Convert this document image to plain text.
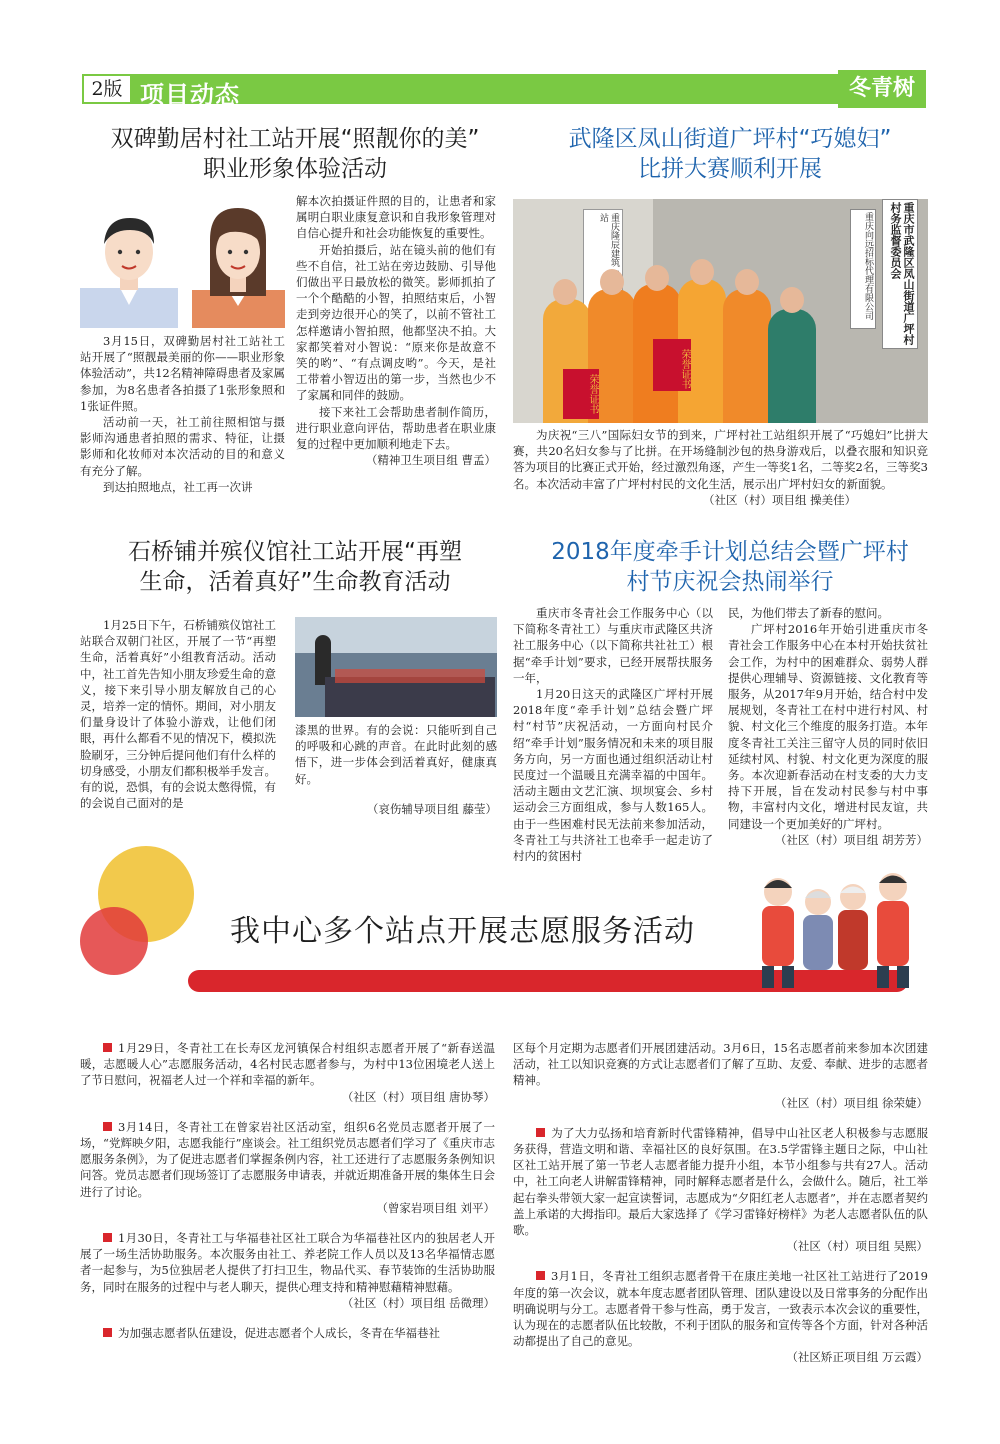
2版 项目动态	冬青树

双碑勤居村社工站开展“照靓你的美”

职业形象体验活动

3月15日，双碑勤居村社工站社工站开展了“照靓最美丽的你——职业形象体验活动”，共12名精神障碍患者及家属参加，为8名患者各拍摄了1张形象照和1张证件照。

活动前一天，社工前往照相馆与摄影师沟通患者拍照的需求、特征，让摄影师和化妆师对本次活动的目的和意义有充分了解。

到达拍照地点，社工再一次讲

解本次拍摄证件照的目的，让患者和家属明白职业康复意识和自我形象管理对自信心提升和社会功能恢复的重要性。

开始拍摄后，站在镜头前的他们有些不自信，社工站在旁边鼓励、引导他们做出平日最放松的微笑。影师抓拍了一个个酷酷的小智，拍照结束后，小智走到旁边很开心的笑了，以前不管社工怎样邀请小智拍照，他都坚决不拍。大家都笑着对小智说：“原来你是故意不笑的哟”、“有点调皮哟”。今天，是社工带着小智迈出的第一步，当然也少不了家属和同伴的鼓励。

接下来社工会帮助患者制作简历，进行职业意向评估，帮助患者在职业康复的过程中更加顺利地走下去。

（精神卫生项目组 曹孟）

武隆区凤山街道广坪村“巧媳妇”

比拼大赛顺利开展

重庆隆辰建筑 站	重庆市武隆区凤山街道广坪村村务监督委员会
重庆向远招标代理有限公司
荣誉证书
荣誉证书

为庆祝“三八”国际妇女节的到来，广坪村社工站组织开展了“巧媳妇”比拼大赛，共20名妇女参与了比拼。在开场缝制沙包的热身游戏后，以叠衣服和知识竞答为项目的比赛正式开始，经过激烈角逐，产生一等奖1名，二等奖2名，三等奖3名。本次活动丰富了广坪村村民的文化生活，展示出广坪村妇女的新面貌。

（社区（村）项目组 操美佳）

石桥铺并殡仪馆社工站开展“再塑

生命，活着真好”生命教育活动

1月25日下午，石桥铺殡仪馆社工站联合双朝门社区，开展了一节“再塑生命，活着真好”小组教育活动。活动中，社工首先告知小朋友珍爱生命的意义，接下来引导小朋友解放自己的心灵，培养一定的情怀。期间，对小朋友们量身设计了体验小游戏，让他们闭眼，再什么都看不见的情况下，模拟洗脸刷牙，三分钟后提问他们有什么样的切身感受，小朋友们都积极举手发言。有的说，恐惧，有的会说太憋得慌，有的会说自己面对的是

漆黑的世界。有的会说：只能听到自己的呼吸和心跳的声音。在此时此刻的感悟下，进一步体会到活着真好，健康真好。

（哀伤辅导项目组 藤莹）

2018年度牵手计划总结会暨广坪村

村节庆祝会热闹举行

重庆市冬青社会工作服务中心（以下简称冬青社工）与重庆市武隆区共济社工服务中心（以下简称共社社工）根据“牵手计划”要求，已经开展帮扶服务一年，

1月20日这天的武隆区广坪村开展2018年度“牵手计划”总结会暨广坪村“村节”庆祝活动，一方面向村民介绍“牵手计划”服务情况和未来的项目服务方向，另一方面也通过组织活动让村民度过一个温暖且充满幸福的中国年。活动主题由文艺汇演、坝坝宴会、乡村运动会三方面组成，参与人数165人。由于一些困难村民无法前来参加活动，冬青社工与共济社工也牵手一起走访了村内的贫困村

民，为他们带去了新春的慰问。

广坪村2016年开始引进重庆市冬青社会工作服务中心在本村开始扶贫社会工作，为村中的困难群众、弱势人群提供心理辅导、资源链接、文化教育等服务，从2017年9月开始，结合村中发展规划，冬青社工在村中进行村风、村貌、村文化三个维度的服务打造。本年度冬青社工关注三留守人员的同时依旧延续村风、村貌、村文化更为深度的服务。本次迎新春活动在村支委的大力支持下开展，旨在发动村民参与村中事物，丰富村内文化，增进村民友谊，共同建设一个更加美好的广坪村。

（社区（村）项目组 胡芳芳）

我中心多个站点开展志愿服务活动

1月29日，冬青社工在长寿区龙河镇保合村组织志愿者开展了“新春送温暖，志愿暖人心”志愿服务活动，4名村民志愿者参与，为村中13位困境老人送上了节日慰问，祝福老人过一个祥和幸福的新年。

（社区（村）项目组 唐协琴）

3月14日，冬青社工在曾家岩社区活动室，组织6名党员志愿者开展了一场，“党辉映夕阳，志愿我能行”座谈会。社工组织党员志愿者们学习了《重庆市志愿服务条例》，为了促进志愿者们掌握条例内容，社工还进行了志愿服务条例知识问答。党员志愿者们现场签订了志愿服务申请表，并就近期准备开展的集体生日会进行了讨论。

（曾家岩项目组 刘平）

1月30日，冬青社工与华福巷社区社工联合为华福巷社区内的独居老人开展了一场生活协助服务。本次服务由社工、养老院工作人员以及13名华福情志愿者一起参与，为5位独居老人提供了打扫卫生，物品代买、春节装饰的生活协助服务，同时在服务的过程中与老人聊天，提供心理支持和精神慰藉精神慰藉。

（社区（村）项目组 岳微理）

为加强志愿者队伍建设，促进志愿者个人成长，冬青在华福巷社

区每个月定期为志愿者们开展团建活动。3月6日，15名志愿者前来参加本次团建活动，社工以知识竞赛的方式让志愿者们了解了互助、友爱、奉献、进步的志愿者精神。

（社区（村）项目组 徐荣婕）

为了大力弘扬和培育新时代雷锋精神，倡导中山社区老人积极参与志愿服务获得，营造文明和谐、幸福社区的良好氛围。在3.5学雷锋主题日之际，中山社区社工站开展了第一节老人志愿者能力提升小组，本节小组参与共有27人。活动中，社工向老人讲解雷锋精神，同时解释志愿者是什么，会做什么。随后，社工举起右拳头带领大家一起宣读誓词，志愿成为“夕阳红老人志愿者”，并在志愿者契约盖上承诺的大拇指印。最后大家选择了《学习雷锋好榜样》为老人志愿者队伍的队歌。

（社区（村）项目组 吴熙）

3月1日，冬青社工组织志愿者骨干在康庄美地一社区社工站进行了2019年度的第一次会议，就本年度志愿者团队管理、团队建设以及日常事务的分配作出明确说明与分工。志愿者骨干参与性高，勇于发言，一致表示本次会议的重要性，认为现在的志愿者队伍比较散，不利于团队的服务和宣传等各个方面，针对各种活动都提出了自己的意见。

（社区矫正项目组 万云霞）
